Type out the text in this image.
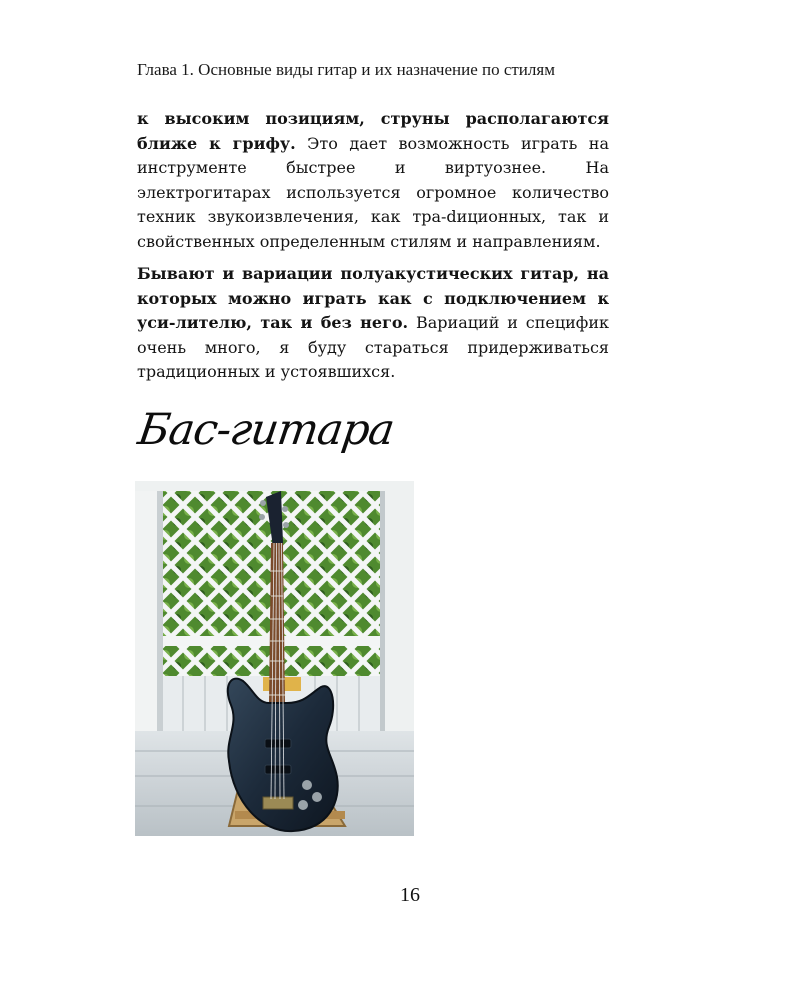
Глава 1. Основные виды гитар и их назначение по стилям

к высоким позициям, струны располагаются ближе к грифу. Это дает возможность играть на инструменте быстрее и виртуознее. На электрогитарах используется огромное количество техник звукоизвлечения, как тра-dиционных, так и свойственных определенным стилям и направлениям.

Бывают и вариации полуакустических гитар, на которых можно играть как с подключением к уси-лителю, так и без него. Вариаций и специфик очень много, я буду стараться придерживаться традиционных и устоявшихся.

Бас-гитара
16
